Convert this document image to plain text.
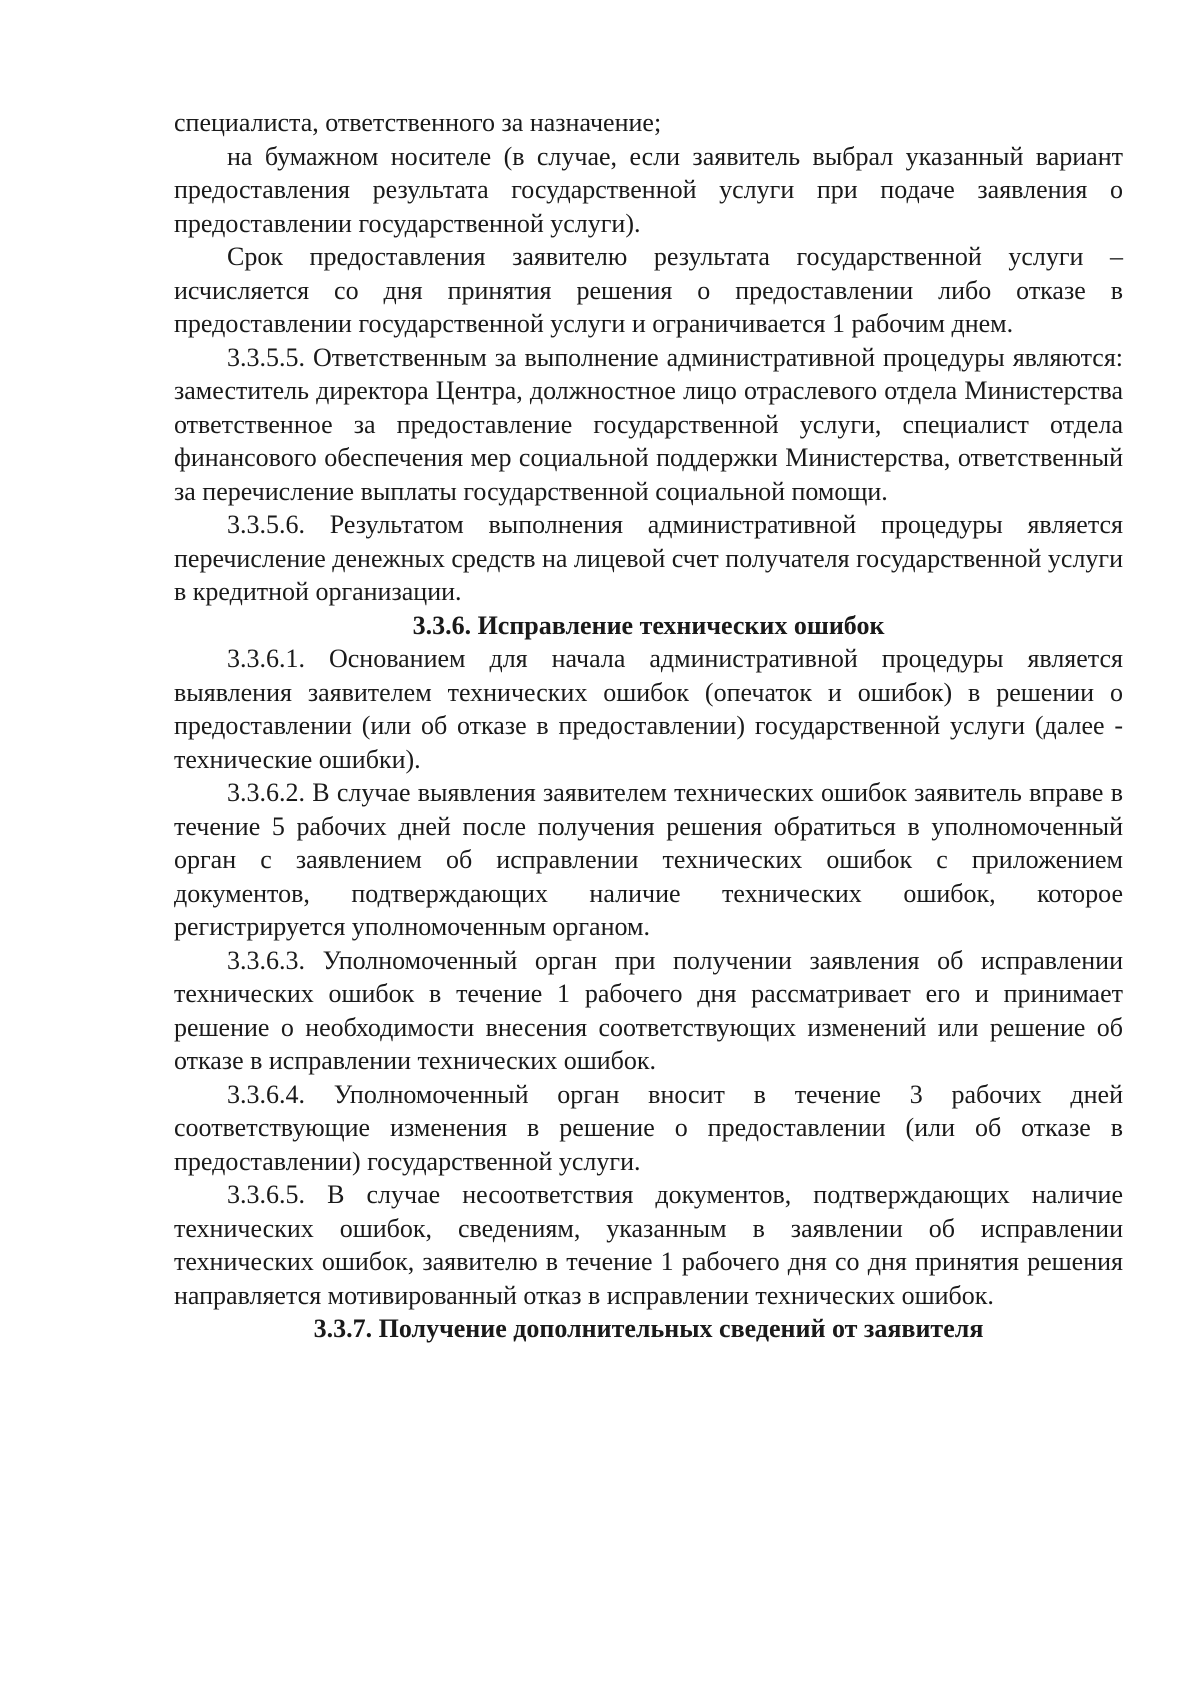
специалиста, ответственного за назначение;

на бумажном носителе (в случае, если заявитель выбрал указанный вариант предоставления результата государственной услуги при подаче заявления о предоставлении государственной услуги).

Срок предоставления заявителю результата государственной услуги – исчисляется со дня принятия решения о предоставлении либо отказе в предоставлении государственной услуги и ограничивается 1 рабочим днем.

3.3.5.5. Ответственным за выполнение административной процедуры являются: заместитель директора Центра, должностное лицо отраслевого отдела Министерства ответственное за предоставление государственной услуги, специалист отдела финансового обеспечения мер социальной поддержки Министерства, ответственный за перечисление выплаты государственной социальной помощи.

3.3.5.6. Результатом выполнения административной процедуры является перечисление денежных средств на лицевой счет получателя государственной услуги в кредитной организации.

3.3.6. Исправление технических ошибок

3.3.6.1. Основанием для начала административной процедуры является выявления заявителем технических ошибок (опечаток и ошибок) в решении о предоставлении (или об отказе в предоставлении) государственной услуги (далее - технические ошибки).

3.3.6.2. В случае выявления заявителем технических ошибок заявитель вправе в течение 5 рабочих дней после получения решения обратиться в уполномоченный орган с заявлением об исправлении технических ошибок с приложением документов, подтверждающих наличие технических ошибок, которое регистрируется уполномоченным органом.

3.3.6.3. Уполномоченный орган при получении заявления об исправлении технических ошибок в течение 1 рабочего дня рассматривает его и принимает решение о необходимости внесения соответствующих изменений или решение об отказе в исправлении технических ошибок.

3.3.6.4. Уполномоченный орган вносит в течение 3 рабочих дней соответствующие изменения в решение о предоставлении (или об отказе в предоставлении) государственной услуги.

3.3.6.5. В случае несоответствия документов, подтверждающих наличие технических ошибок, сведениям, указанным в заявлении об исправлении технических ошибок, заявителю в течение 1 рабочего дня со дня принятия решения направляется мотивированный отказ в исправлении технических ошибок.

3.3.7. Получение дополнительных сведений от заявителя
